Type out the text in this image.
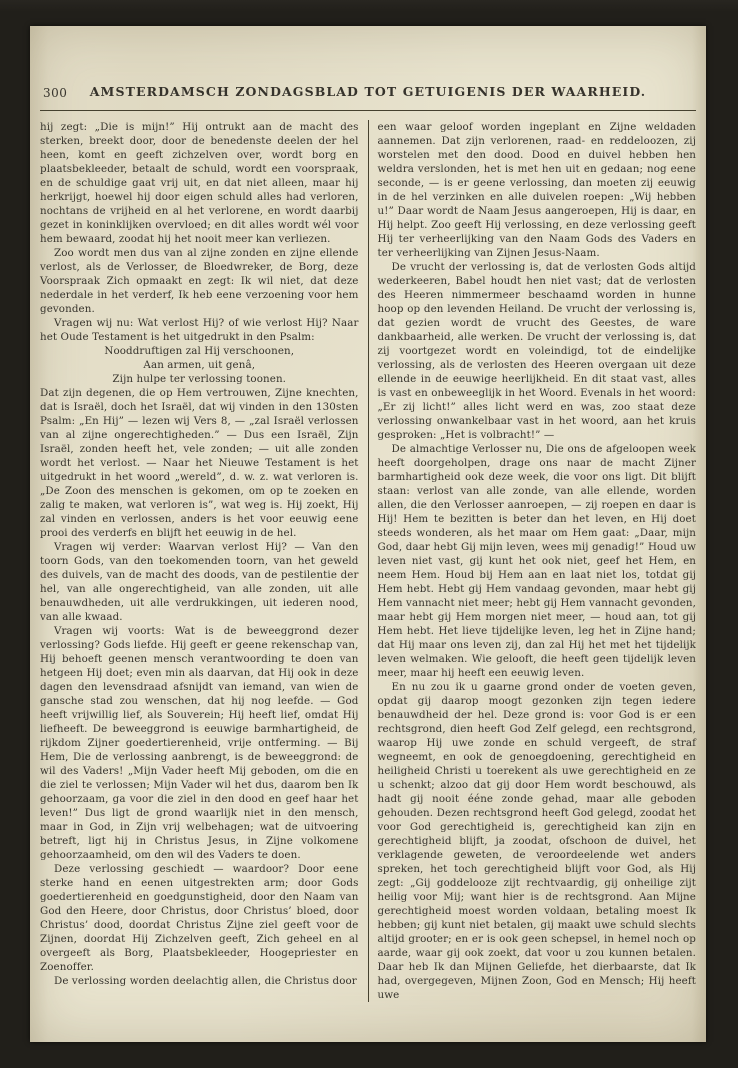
300	AMSTERDAMSCH ZONDAGSBLAD TOT GETUIGENIS DER WAARHEID.

hij zegt: „Die is mijn!” Hij ontrukt aan de macht des sterken, breekt door, door de benedenste deelen der hel heen, komt en geeft zichzelven over, wordt borg en plaatsbekleeder, betaalt de schuld, wordt een voorspraak, en de schuldige gaat vrij uit, en dat niet alleen, maar hij herkrijgt, hoewel hij door eigen schuld alles had verloren, nochtans de vrijheid en al het verlorene, en wordt daarbij gezet in koninklijken overvloed; en dit alles wordt wél voor hem bewaard, zoodat hij het nooit meer kan verliezen.

Zoo wordt men dus van al zijne zonden en zijne ellende verlost, als de Verlosser, de Bloedwreker, de Borg, deze Voorspraak Zich opmaakt en zegt: Ik wil niet, dat deze nederdale in het verderf, Ik heb eene verzoening voor hem gevonden.

Vragen wij nu: Wat verlost Hij? of wie verlost Hij? Naar het Oude Testament is het uitgedrukt in den Psalm:

Nooddruftigen zal Hij verschoonen,
Aan armen, uit genâ,
Zijn hulpe ter verlossing toonen.

Dat zijn degenen, die op Hem vertrouwen, Zijne knechten, dat is Israël, doch het Israël, dat wij vinden in den 130sten Psalm: „En Hij” — lezen wij Vers 8, — „zal Israël verlossen van al zijne ongerechtigheden.” — Dus een Israël, Zijn Israël, zonden heeft het, vele zonden; — uit alle zonden wordt het verlost. — Naar het Nieuwe Testament is het uitgedrukt in het woord „wereld”, d. w. z. wat verloren is. „De Zoon des menschen is gekomen, om op te zoeken en zalig te maken, wat verloren is”, wat weg is. Hij zoekt, Hij zal vinden en verlossen, anders is het voor eeuwig eene prooi des verderfs en blijft het eeuwig in de hel.

Vragen wij verder: Waarvan verlost Hij? — Van den toorn Gods, van den toekomenden toorn, van het geweld des duivels, van de macht des doods, van de pestilentie der hel, van alle ongerechtigheid, van alle zonden, uit alle benauwdheden, uit alle verdrukkingen, uit iederen nood, van alle kwaad.

Vragen wij voorts: Wat is de beweeggrond dezer verlossing? Gods liefde. Hij geeft er geene rekenschap van, Hij behoeft geenen mensch verantwoording te doen van hetgeen Hij doet; even min als daarvan, dat Hij ook in deze dagen den levensdraad afsnijdt van iemand, van wien de gansche stad zou wenschen, dat hij nog leefde. — God heeft vrijwillig lief, als Souverein; Hij heeft lief, omdat Hij liefheeft. De beweeggrond is eeuwige barmhartigheid, de rijkdom Zijner goedertierenheid, vrije ontferming. — Bij Hem, Die de verlossing aanbrengt, is de beweeggrond: de wil des Vaders! „Mijn Vader heeft Mij geboden, om die en die ziel te verlossen; Mijn Vader wil het dus, daarom ben Ik gehoorzaam, ga voor die ziel in den dood en geef haar het leven!” Dus ligt de grond waarlijk niet in den mensch, maar in God, in Zijn vrij welbehagen; wat de uitvoering betreft, ligt hij in Christus Jesus, in Zijne volkomene gehoorzaamheid, om den wil des Vaders te doen.

Deze verlossing geschiedt — waardoor? Door eene sterke hand en eenen uitgestrekten arm; door Gods goedertierenheid en goedgunstigheid, door den Naam van God den Heere, door Christus, door Christus’ bloed, door Christus’ dood, doordat Christus Zijne ziel geeft voor de Zijnen, doordat Hij Zichzelven geeft, Zich geheel en al overgeeft als Borg, Plaatsbekleeder, Hoogepriester en Zoenoffer.

De verlossing worden deelachtig allen, die Christus door

een waar geloof worden ingeplant en Zijne weldaden aannemen. Dat zijn verlorenen, raad- en reddeloozen, zij worstelen met den dood. Dood en duivel hebben hen weldra verslonden, het is met hen uit en gedaan; nog eene seconde, — is er geene verlossing, dan moeten zij eeuwig in de hel verzinken en alle duivelen roepen: „Wij hebben u!” Daar wordt de Naam Jesus aangeroepen, Hij is daar, en Hij helpt. Zoo geeft Hij verlossing, en deze verlossing geeft Hij ter verheerlijking van den Naam Gods des Vaders en ter verheerlijking van Zijnen Jesus-Naam.

De vrucht der verlossing is, dat de verlosten Gods altijd wederkeeren, Babel houdt hen niet vast; dat de verlosten des Heeren nimmermeer beschaamd worden in hunne hoop op den levenden Heiland. De vrucht der verlossing is, dat gezien wordt de vrucht des Geestes, de ware dankbaarheid, alle werken. De vrucht der verlossing is, dat zij voortgezet wordt en voleindigd, tot de eindelijke verlossing, als de verlosten des Heeren overgaan uit deze ellende in de eeuwige heerlijkheid. En dit staat vast, alles is vast en onbeweeglijk in het Woord. Evenals in het woord: „Er zij licht!” alles licht werd en was, zoo staat deze verlossing onwankelbaar vast in het woord, aan het kruis gesproken: „Het is volbracht!” —

De almachtige Verlosser nu, Die ons de afgeloopen week heeft doorgeholpen, drage ons naar de macht Zijner barmhartigheid ook deze week, die voor ons ligt. Dit blijft staan: verlost van alle zonde, van alle ellende, worden allen, die den Verlosser aanroepen, — zij roepen en daar is Hij! Hem te bezitten is beter dan het leven, en Hij doet steeds wonderen, als het maar om Hem gaat: „Daar, mijn God, daar hebt Gij mijn leven, wees mij genadig!” Houd uw leven niet vast, gij kunt het ook niet, geef het Hem, en neem Hem. Houd bij Hem aan en laat niet los, totdat gij Hem hebt. Hebt gij Hem vandaag gevonden, maar hebt gij Hem vannacht niet meer; hebt gij Hem vannacht gevonden, maar hebt gij Hem morgen niet meer, — houd aan, tot gij Hem hebt. Het lieve tijdelijke leven, leg het in Zijne hand; dat Hij maar ons leven zij, dan zal Hij het met het tijdelijk leven welmaken. Wie gelooft, die heeft geen tijdelijk leven meer, maar hij heeft een eeuwig leven.

En nu zou ik u gaarne grond onder de voeten geven, opdat gij daarop moogt gezonken zijn tegen iedere benauwdheid der hel. Deze grond is: voor God is er een rechtsgrond, dien heeft God Zelf gelegd, een rechtsgrond, waarop Hij uwe zonde en schuld vergeeft, de straf wegneemt, en ook de genoegdoening, gerechtigheid en heiligheid Christi u toerekent als uwe gerechtigheid en ze u schenkt; alzoo dat gij door Hem wordt beschouwd, als hadt gij nooit ééne zonde gehad, maar alle geboden gehouden. Dezen rechtsgrond heeft God gelegd, zoodat het voor God gerechtigheid is, gerechtigheid kan zijn en gerechtigheid blijft, ja zoodat, ofschoon de duivel, het verklagende geweten, de veroordeelende wet anders spreken, het toch gerechtigheid blijft voor God, als Hij zegt: „Gij goddelooze zijt rechtvaardig, gij onheilige zijt heilig voor Mij; want hier is de rechtsgrond. Aan Mijne gerechtigheid moest worden voldaan, betaling moest Ik hebben; gij kunt niet betalen, gij maakt uwe schuld slechts altijd grooter; en er is ook geen schepsel, in hemel noch op aarde, waar gij ook zoekt, dat voor u zou kunnen betalen. Daar heb Ik dan Mijnen Geliefde, het dierbaarste, dat Ik had, overgegeven, Mijnen Zoon, God en Mensch; Hij heeft uwe
